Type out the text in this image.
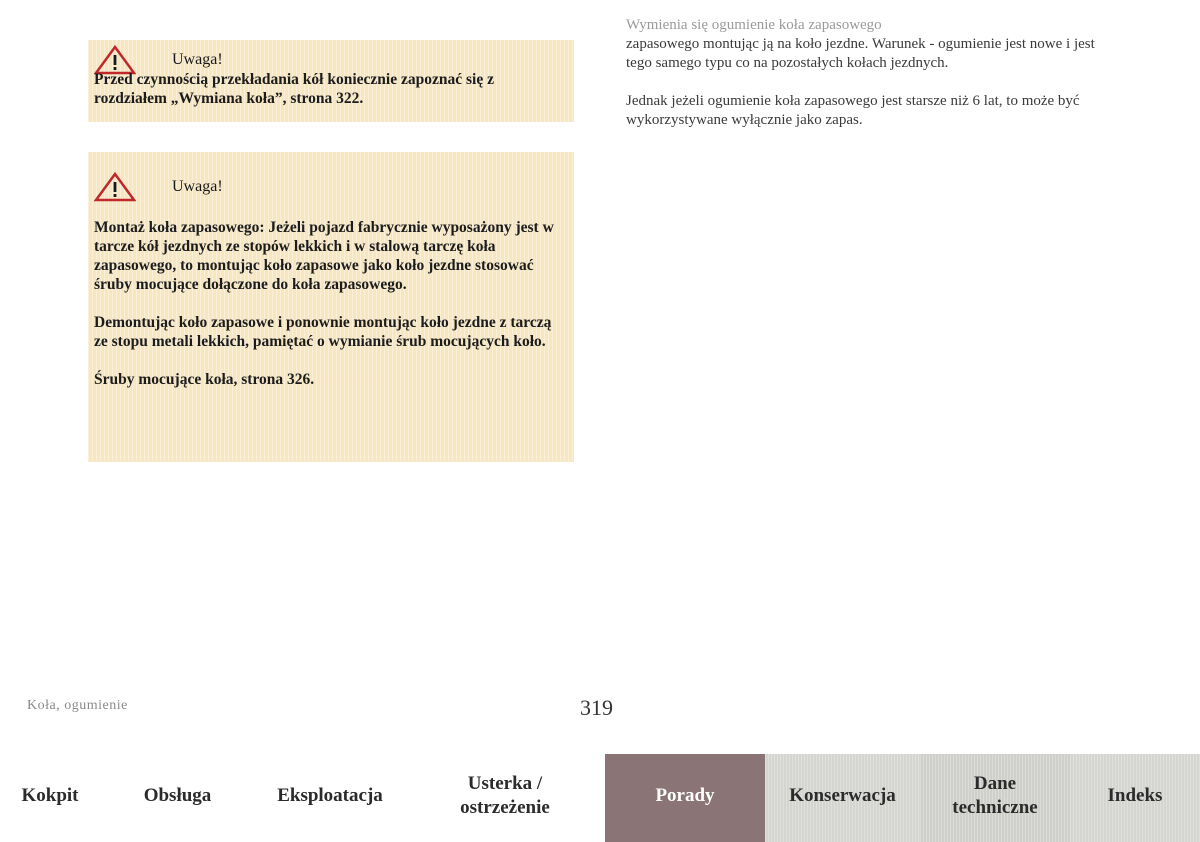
Uwaga!

Przed czynnością przekładania kół koniecznie zapoznać się z rozdziałem „Wymiana koła”, strona 322.

Uwaga!

Montaż koła zapasowego: Jeżeli pojazd fabrycznie wyposażony jest w tarcze kół jezdnych ze stopów lekkich i w stalową tarczę koła zapasowego, to montując koło zapasowe jako koło jezdne stosować śruby mocujące dołączone do koła zapasowego.

Demontując koło zapasowe i ponownie montując koło jezdne z tarczą ze stopu metali lekkich, pamiętać o wymianie śrub mocujących koło.

Śruby mocujące koła, strona 326.

Wymienia się ogumienie koła zapasowego

zapasowego montując ją na koło jezdne. Warunek - ogumienie jest nowe i jest tego samego typu co na pozostałych kołach jezdnych.

Jednak jeżeli ogumienie koła zapasowego jest starsze niż 6 lat, to może być wykorzystywane wyłącznie jako zapas.

Koła, ogumienie	319
Kokpit	Obsługa	Eksploatacja
Usterka /
ostrzeżenie
Porady	Konserwacja
Dane
techniczne
Indeks
